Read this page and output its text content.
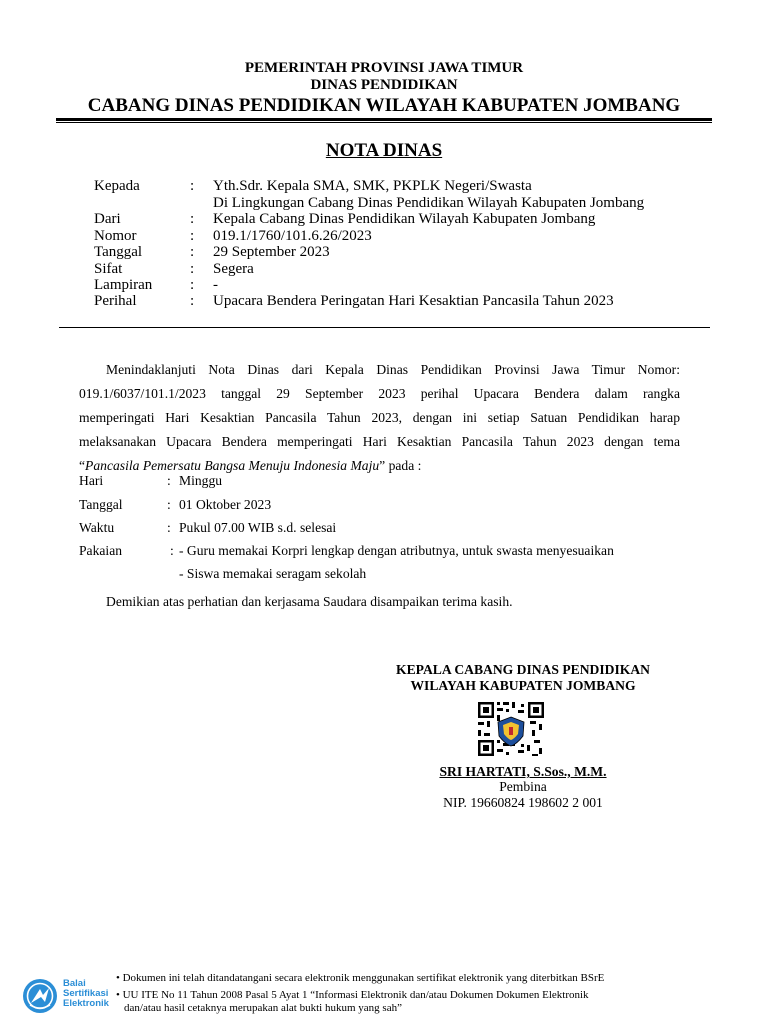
PEMERINTAH PROVINSI JAWA TIMUR
DINAS PENDIDIKAN
CABANG DINAS PENDIDIKAN WILAYAH KABUPATEN JOMBANG
NOTA DINAS
Kepada	: Yth.Sdr. Kepala SMA, SMK, PKPLK Negeri/Swasta
Di Lingkungan Cabang Dinas Pendidikan Wilayah Kabupaten Jombang
Dari	: Kepala Cabang Dinas Pendidikan Wilayah Kabupaten Jombang
Nomor	: 019.1/1760/101.6.26/2023
Tanggal	: 29 September 2023
Sifat	: Segera
Lampiran	: -
Perihal	: Upacara Bendera Peringatan Hari Kesaktian Pancasila Tahun 2023
Menindaklanjuti Nota Dinas dari Kepala Dinas Pendidikan Provinsi Jawa Timur Nomor:
019.1/6037/101.1/2023 tanggal 29 September 2023 perihal Upacara Bendera dalam rangka
memperingati Hari Kesaktian Pancasila Tahun 2023, dengan ini setiap Satuan Pendidikan harap
melaksanakan Upacara Bendera memperingati Hari Kesaktian Pancasila Tahun 2023 dengan tema
“Pancasila Pemersatu Bangsa Menuju Indonesia Maju” pada :
Hari	: Minggu
Tanggal	: 01 Oktober 2023
Waktu	: Pukul 07.00 WIB s.d. selesai
Pakaian	: - Guru memakai Korpri lengkap dengan atributnya, untuk swasta menyesuaikan
- Siswa memakai seragam sekolah
Demikian atas perhatian dan kerjasama Saudara disampaikan terima kasih.
KEPALA CABANG DINAS PENDIDIKAN
WILAYAH KABUPATEN JOMBANG
SRI HARTATI, S.Sos., M.M.
Pembina
NIP. 19660824 198602 2 001
Balai
Sertifikasi
Elektronik
• Dokumen ini telah ditandatangani secara elektronik menggunakan sertifikat elektronik yang diterbitkan BSrE
• UU ITE No 11 Tahun 2008 Pasal 5 Ayat 1 “Informasi Elektronik dan/atau Dokumen Dokumen Elektronik
dan/atau hasil cetaknya merupakan alat bukti hukum yang sah”
